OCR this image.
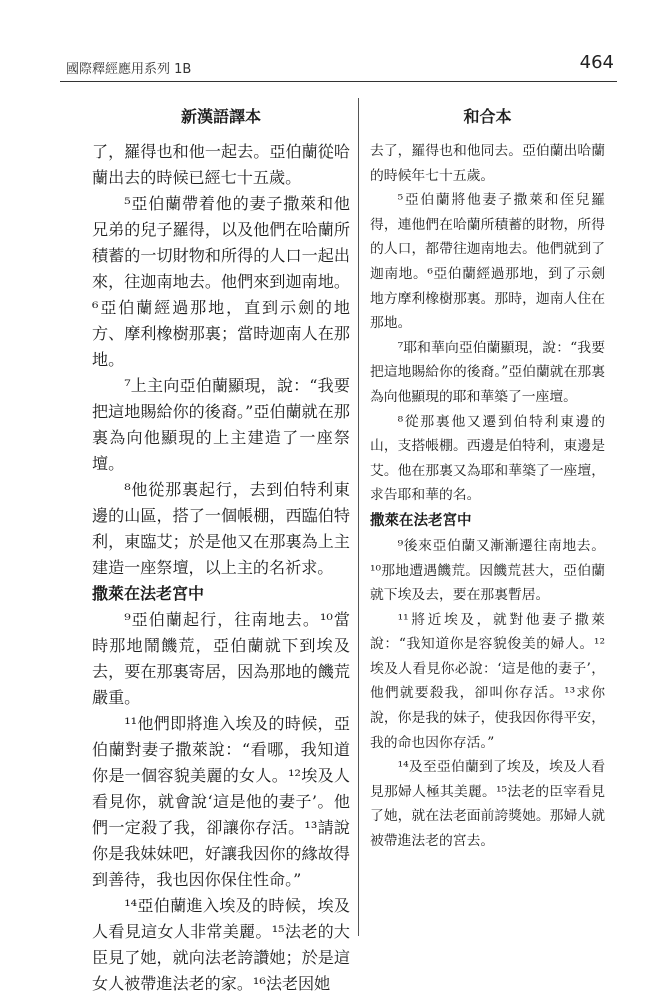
國際釋經應用系列 1B	464
新漢語譯本

了，羅得也和他一起去。亞伯蘭從哈蘭出去的時候已經七十五歲。

⁵亞伯蘭帶着他的妻子撒萊和他兄弟的兒子羅得，以及他們在哈蘭所積蓄的一切財物和所得的人口一起出來，往迦南地去。他們來到迦南地。⁶亞伯蘭經過那地，直到示劍的地方、摩利橡樹那裏；當時迦南人在那地。

⁷上主向亞伯蘭顯現，說：“我要把這地賜給你的後裔。”亞伯蘭就在那裏為向他顯現的上主建造了一座祭壇。

⁸他從那裏起行，去到伯特利東邊的山區，搭了一個帳棚，西臨伯特利，東臨艾；於是他又在那裏為上主建造一座祭壇，以上主的名祈求。

撒萊在法老宮中

⁹亞伯蘭起行，往南地去。¹⁰當時那地鬧饑荒，亞伯蘭就下到埃及去，要在那裏寄居，因為那地的饑荒嚴重。

¹¹他們即將進入埃及的時候，亞伯蘭對妻子撒萊說：“看哪，我知道你是一個容貌美麗的女人。¹²埃及人看見你，就會說‘這是他的妻子’。他們一定殺了我，卻讓你存活。¹³請說你是我妹妹吧，好讓我因你的緣故得到善待，我也因你保住性命。”

¹⁴亞伯蘭進入埃及的時候，埃及人看見這女人非常美麗。¹⁵法老的大臣見了她，就向法老誇讚她；於是這女人被帶進法老的家。¹⁶法老因她

和合本

去了，羅得也和他同去。亞伯蘭出哈蘭的時候年七十五歲。

⁵亞伯蘭將他妻子撒萊和侄兒羅得，連他們在哈蘭所積蓄的財物，所得的人口，都帶往迦南地去。他們就到了迦南地。⁶亞伯蘭經過那地，到了示劍地方摩利橡樹那裏。那時，迦南人住在那地。

⁷耶和華向亞伯蘭顯現，說：“我要把這地賜給你的後裔。”亞伯蘭就在那裏為向他顯現的耶和華築了一座壇。

⁸從那裏他又遷到伯特利東邊的山，支搭帳棚。西邊是伯特利，東邊是艾。他在那裏又為耶和華築了一座壇，求告耶和華的名。

撒萊在法老宮中

⁹後來亞伯蘭又漸漸遷往南地去。¹⁰那地遭遇饑荒。因饑荒甚大，亞伯蘭就下埃及去，要在那裏暫居。

¹¹將近埃及，就對他妻子撒萊說：“我知道你是容貌俊美的婦人。¹²埃及人看見你必說：‘這是他的妻子’，他們就要殺我，卻叫你存活。¹³求你說，你是我的妹子，使我因你得平安，我的命也因你存活。”

¹⁴及至亞伯蘭到了埃及，埃及人看見那婦人極其美麗。¹⁵法老的臣宰看見了她，就在法老面前誇獎她。那婦人就被帶進法老的宮去。
